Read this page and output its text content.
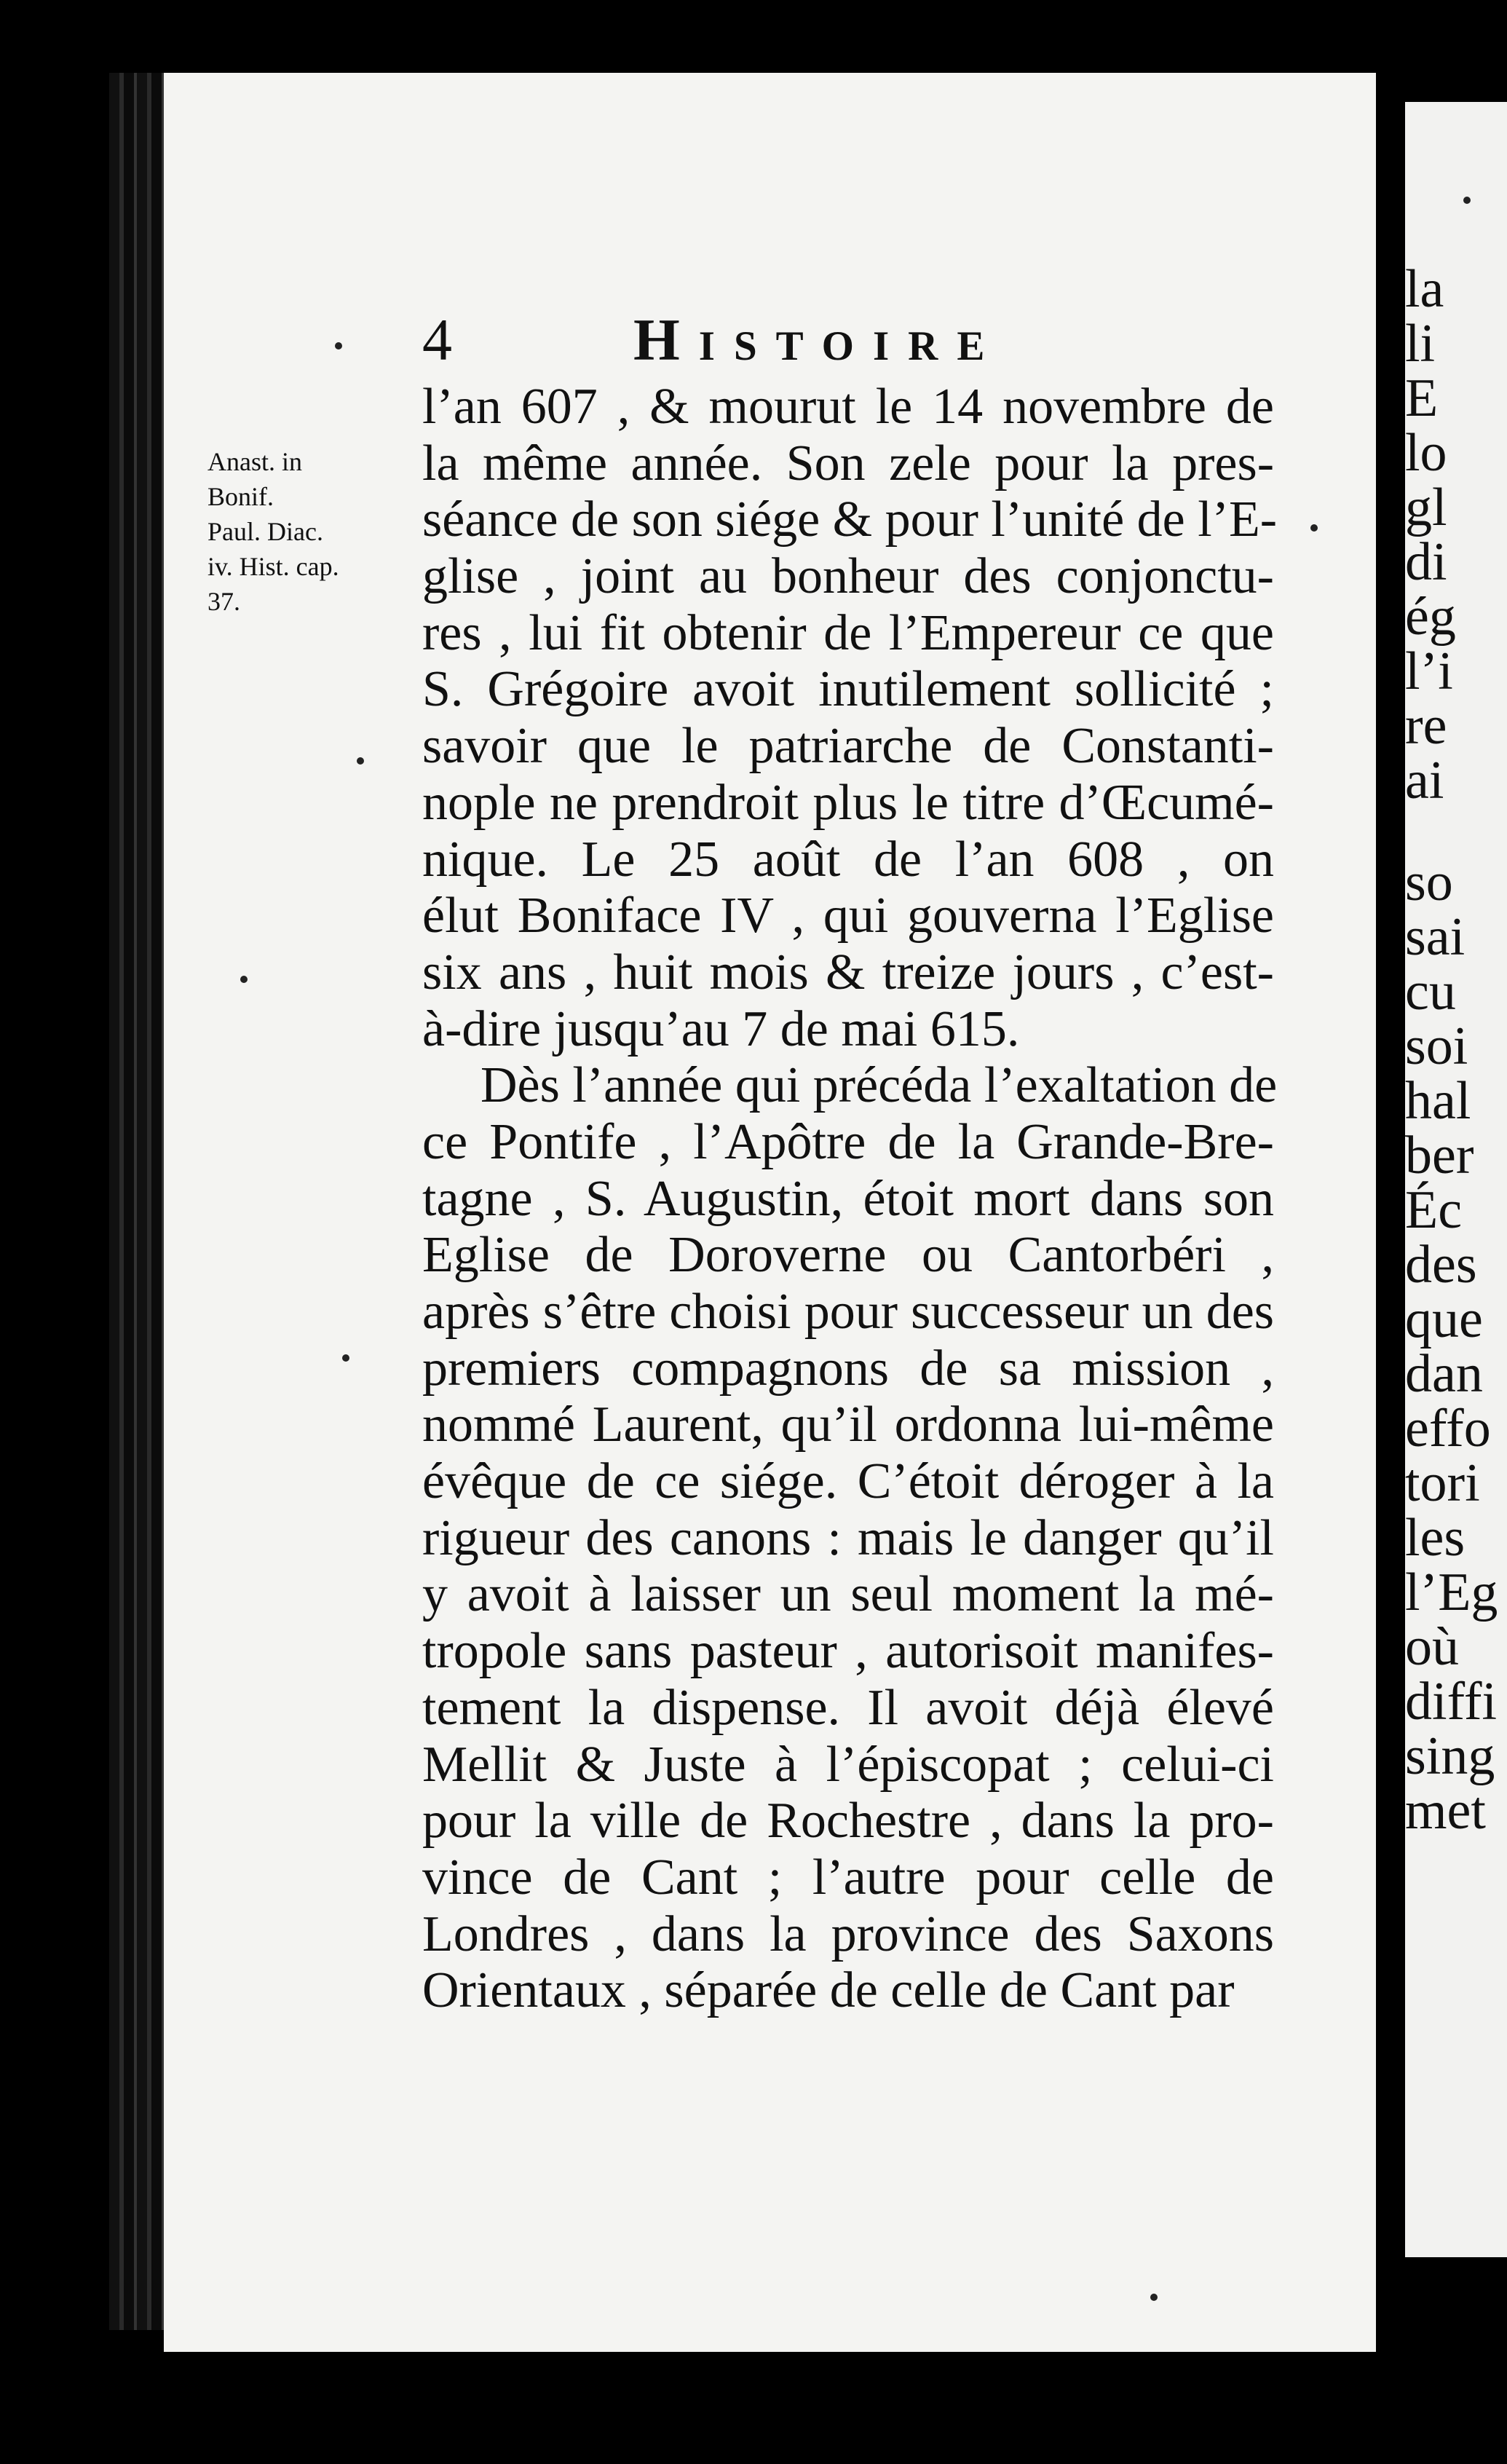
la
li
E
lo
gl
di
ég
l’i
re
ai
so
sai
cu
soi
hal
ber
Éc
des
que
dan
effo
tori
les
l’Eg
où
diffi
sing
met
4	Histoire
Anast. in
Bonif.
Paul. Diac.
iv. Hist. cap.
37.
l’an 607 , & mourut le 14 novembre de
la même année. Son zele pour la pres-
séance de son siége & pour l’unité de l’E-
glise , joint au bonheur des conjonctu-
res , lui fit obtenir de l’Empereur ce que
S. Grégoire avoit inutilement sollicité ;
savoir que le patriarche de Constanti-
nople ne prendroit plus le titre d’Œcumé-
nique. Le 25 août de l’an 608 , on
élut Boniface IV , qui gouverna l’Eglise
six ans , huit mois & treize jours , c’est-
à-dire jusqu’au 7 de mai 615.
Dès l’année qui précéda l’exaltation de
ce Pontife , l’Apôtre de la Grande-Bre-
tagne , S. Augustin, étoit mort dans son
Eglise de Doroverne ou Cantorbéri ,
après s’être choisi pour successeur un des
premiers compagnons de sa mission ,
nommé Laurent, qu’il ordonna lui-même
évêque de ce siége. C’étoit déroger à la
rigueur des canons : mais le danger qu’il
y avoit à laisser un seul moment la mé-
tropole sans pasteur , autorisoit manifes-
tement la dispense. Il avoit déjà élevé
Mellit & Juste à l’épiscopat ; celui-ci
pour la ville de Rochestre , dans la pro-
vince de Cant ; l’autre pour celle de
Londres , dans la province des Saxons
Orientaux , séparée de celle de Cant par
